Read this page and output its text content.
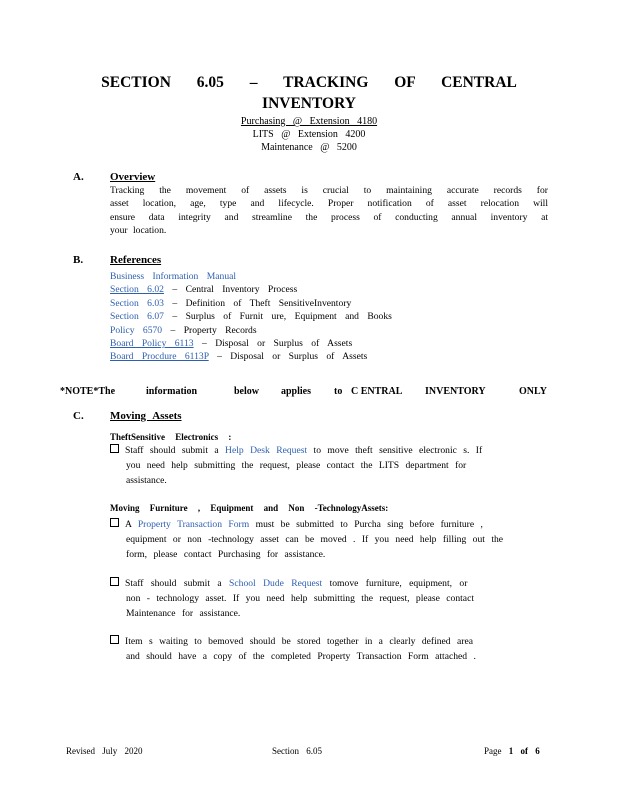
SECTION 6.05 – TRACKING OF CENTRAL
INVENTORY
Purchasing @ Extension 4180
LITS @ Extension 4200
Maintenance @ 5200
A. Overview
Tracking the movement of assets is crucial to maintaining accurate records for
asset location, age, type and lifecycle. Proper notification of asset relocation will
ensure data integrity and streamline the process of conducting annual inventory at
your location.
B. References
Business Information Manual
Section 6.02 – Central Inventory Process
Section 6.03 – Definition of Theft SensitiveInventory
Section 6.07 – Surplus of Furnit ure, Equipment and Books
Policy 6570 – Property Records
Board Policy 6113 – Disposal or Surplus of Assets
Board Procdure 6113P – Disposal or Surplus of Assets
*NOTE*The	information	below applies to C ENTRAL INVENTORY	ONLY
C. Moving Assets
TheftSensitive Electronics :
Staff should submit a Help Desk Request to move theft sensitive electronic s. If
you need help submitting the request, please contact the LITS department for
assistance.
Moving Furniture , Equipment and Non -TechnologyAssets:
A Property Transaction Form must be submitted to Purcha sing before furniture ,
equipment or non -technology asset can be moved . If you need help filling out the
form, please contact Purchasing for assistance.
Staff should submit a School Dude Request tomove furniture, equipment, or
non - technology asset. If you need help submitting the request, please contact
Maintenance for assistance.
Item s waiting to bemoved should be stored together in a clearly defined area
and should have a copy of the completed Property Transaction Form attached .
Revised July 2020	Section 6.05	Page 1 of 6
